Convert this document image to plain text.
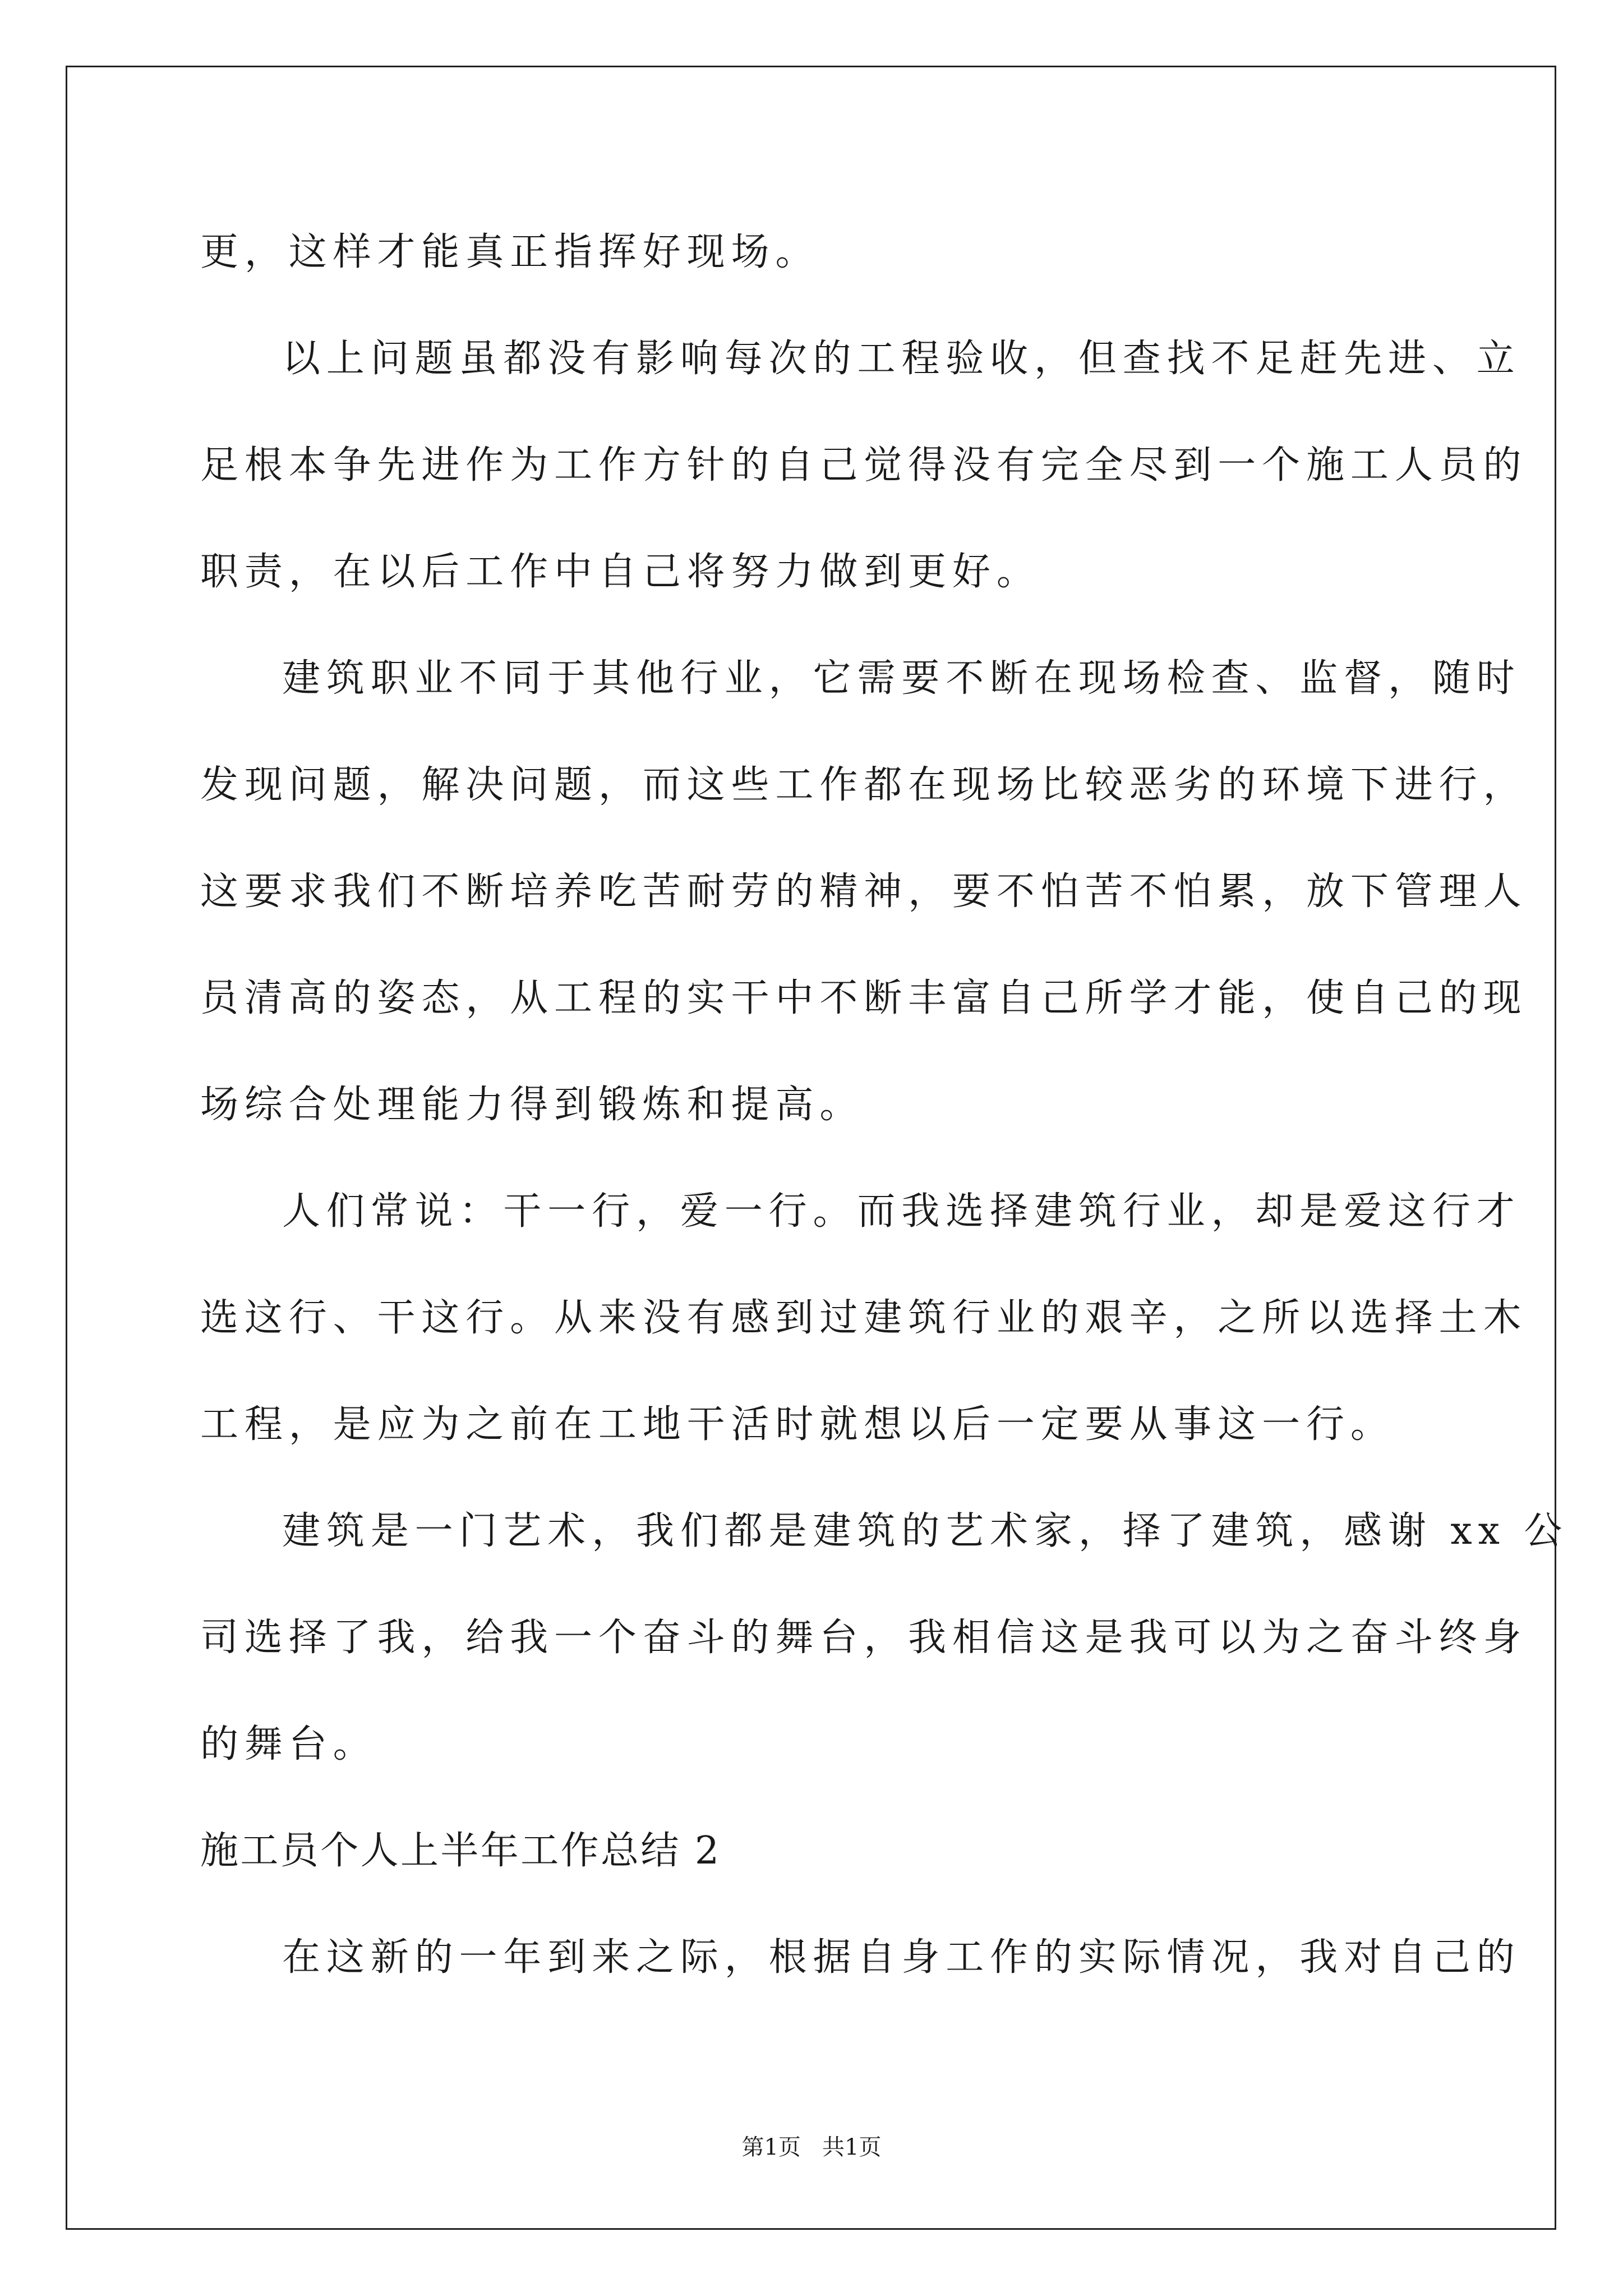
更，这样才能真正指挥好现场。

以上问题虽都没有影响每次的工程验收，但查找不足赶先进、立

足根本争先进作为工作方针的自己觉得没有完全尽到一个施工人员的

职责，在以后工作中自己将努力做到更好。

建筑职业不同于其他行业，它需要不断在现场检查、监督，随时

发现问题，解决问题，而这些工作都在现场比较恶劣的环境下进行，

这要求我们不断培养吃苦耐劳的精神，要不怕苦不怕累，放下管理人

员清高的姿态，从工程的实干中不断丰富自己所学才能，使自己的现

场综合处理能力得到锻炼和提高。

人们常说：干一行，爱一行。而我选择建筑行业，却是爱这行才

选这行、干这行。从来没有感到过建筑行业的艰辛，之所以选择土木

工程，是应为之前在工地干活时就想以后一定要从事这一行。

建筑是一门艺术，我们都是建筑的艺术家，择了建筑，感谢 xx 公

司选择了我，给我一个奋斗的舞台，我相信这是我可以为之奋斗终身

的舞台。

施工员个人上半年工作总结 2

在这新的一年到来之际，根据自身工作的实际情况，我对自己的

第1页   共1页
